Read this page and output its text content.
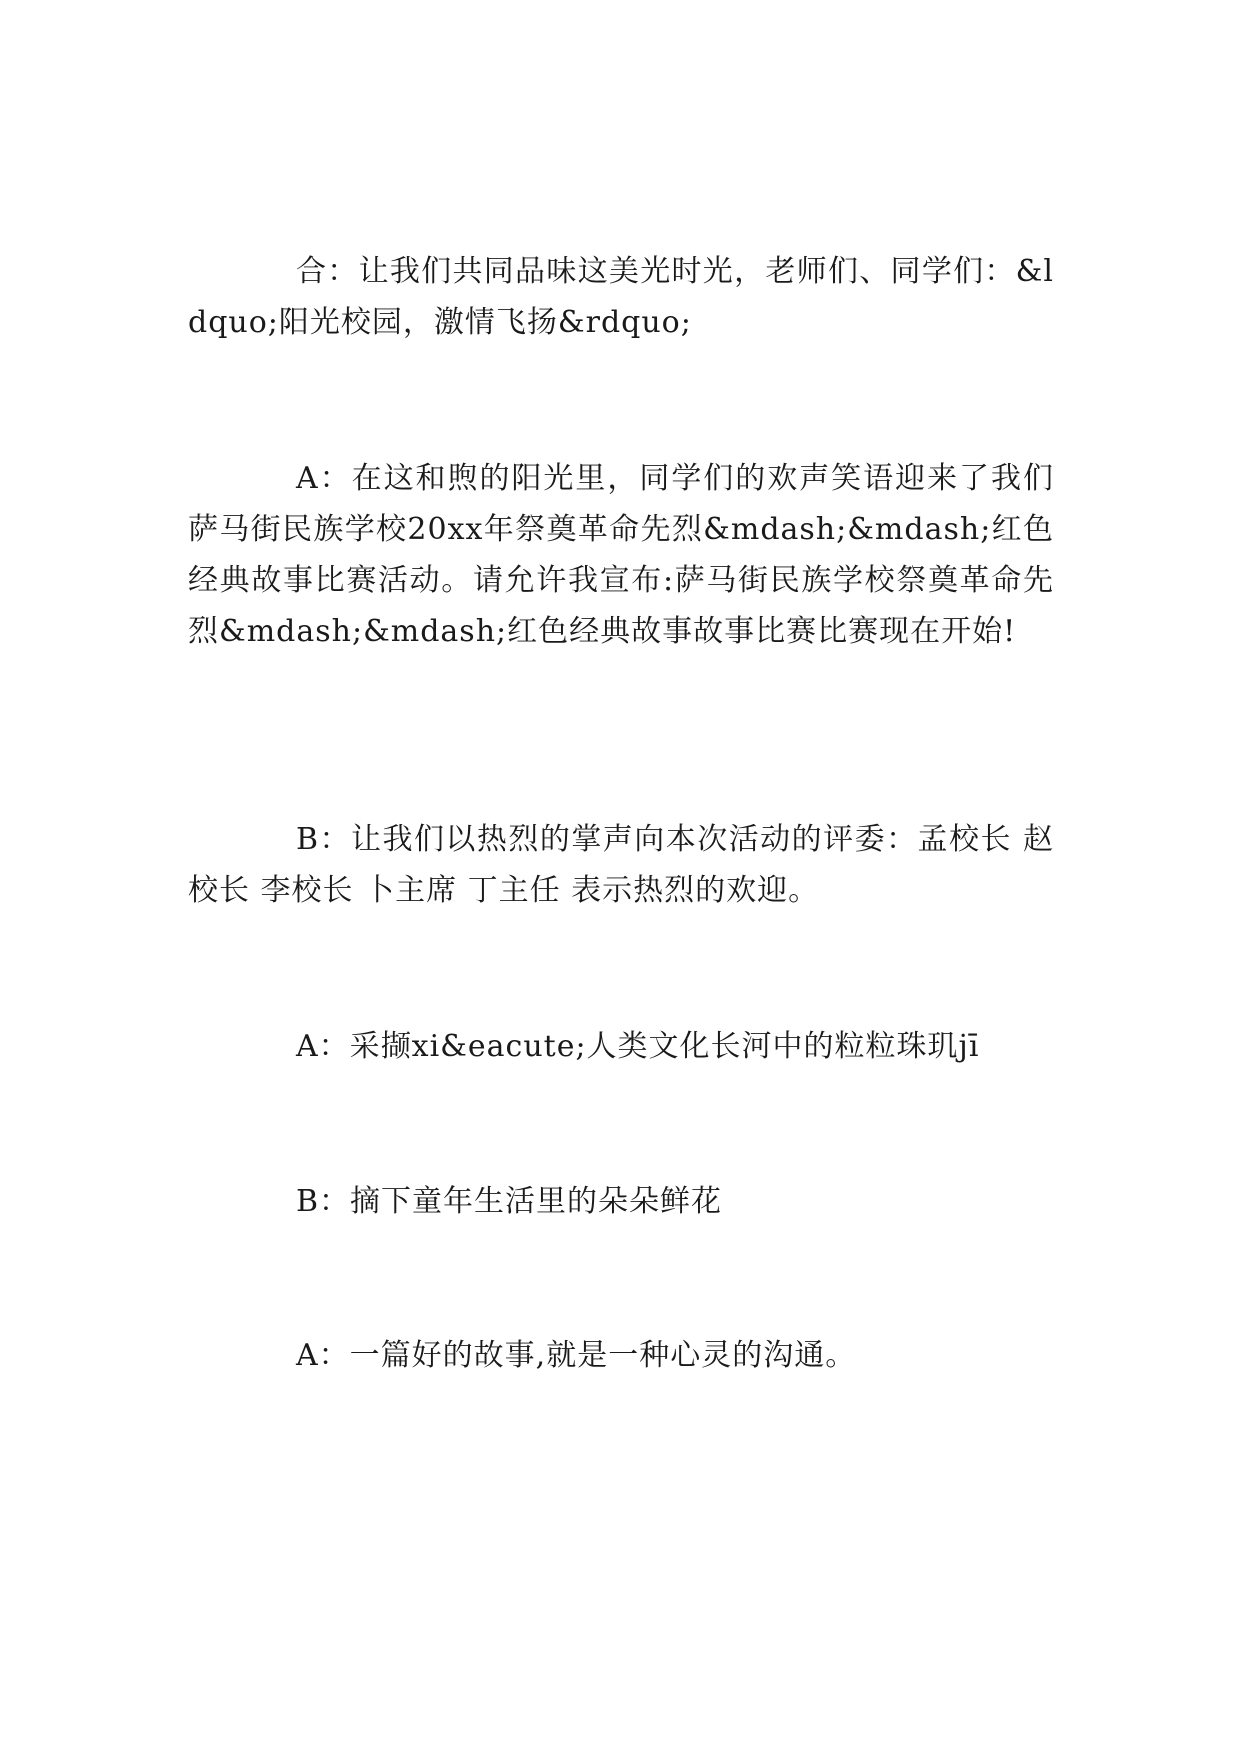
合：让我们共同品味这美光时光，老师们、同学们：&ldquo;阳光校园，激情飞扬&rdquo;

A：在这和煦的阳光里，同学们的欢声笑语迎来了我们萨马街民族学校20xx年祭奠革命先烈&mdash;&mdash;红色经典故事比赛活动。请允许我宣布:萨马街民族学校祭奠革命先烈&mdash;&mdash;红色经典故事故事比赛比赛现在开始!

B：让我们以热烈的掌声向本次活动的评委：孟校长 赵校长 李校长 卜主席 丁主任 表示热烈的欢迎。

A：采撷xi&eacute;人类文化长河中的粒粒珠玑jī

B：摘下童年生活里的朵朵鲜花

A：一篇好的故事,就是一种心灵的沟通。
